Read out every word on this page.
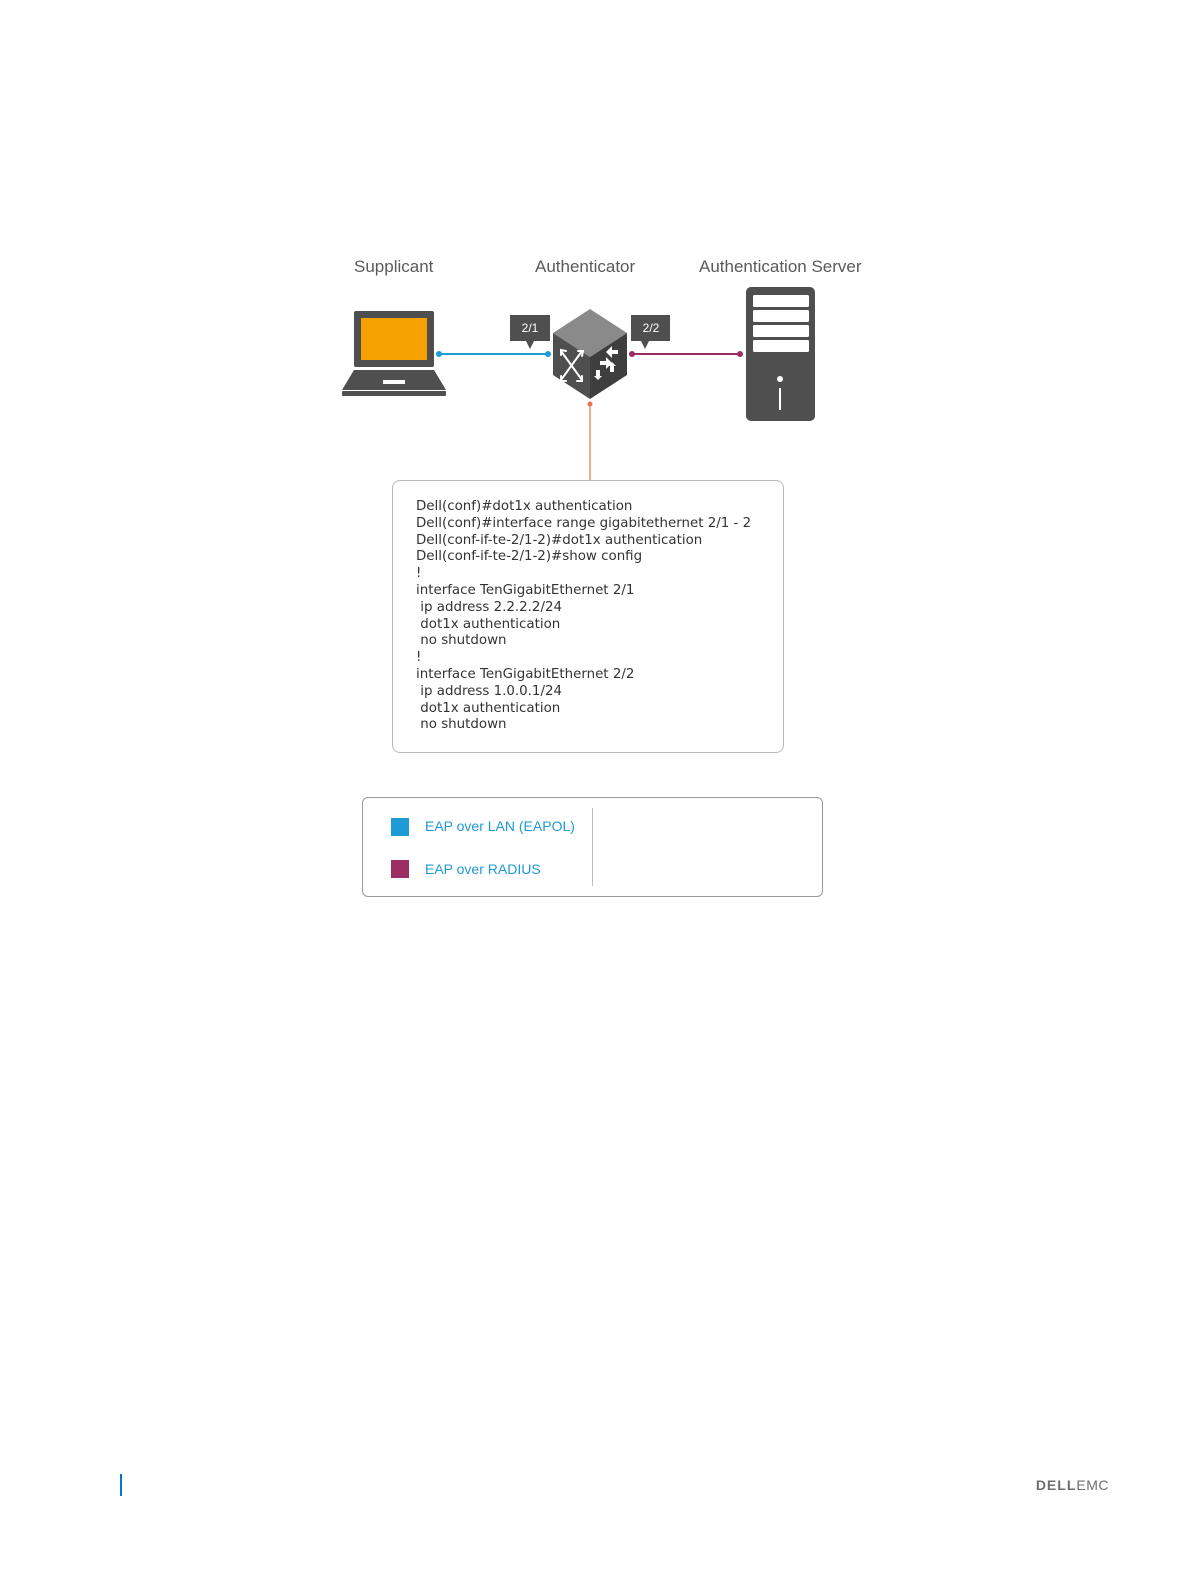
Supplicant	Authenticator	Authentication Server
2/1	2/2
Dell(conf)#dot1x authentication
Dell(conf)#interface range gigabitethernet 2/1 - 2
Dell(conf-if-te-2/1-2)#dot1x authentication
Dell(conf-if-te-2/1-2)#show config
!
interface TenGigabitEthernet 2/1
ip address 2.2.2.2/24
dot1x authentication
no shutdown
!
interface TenGigabitEthernet 2/2
ip address 1.0.0.1/24
dot1x authentication
no shutdown
EAP over LAN (EAPOL)
EAP over RADIUS
DELLEMC
